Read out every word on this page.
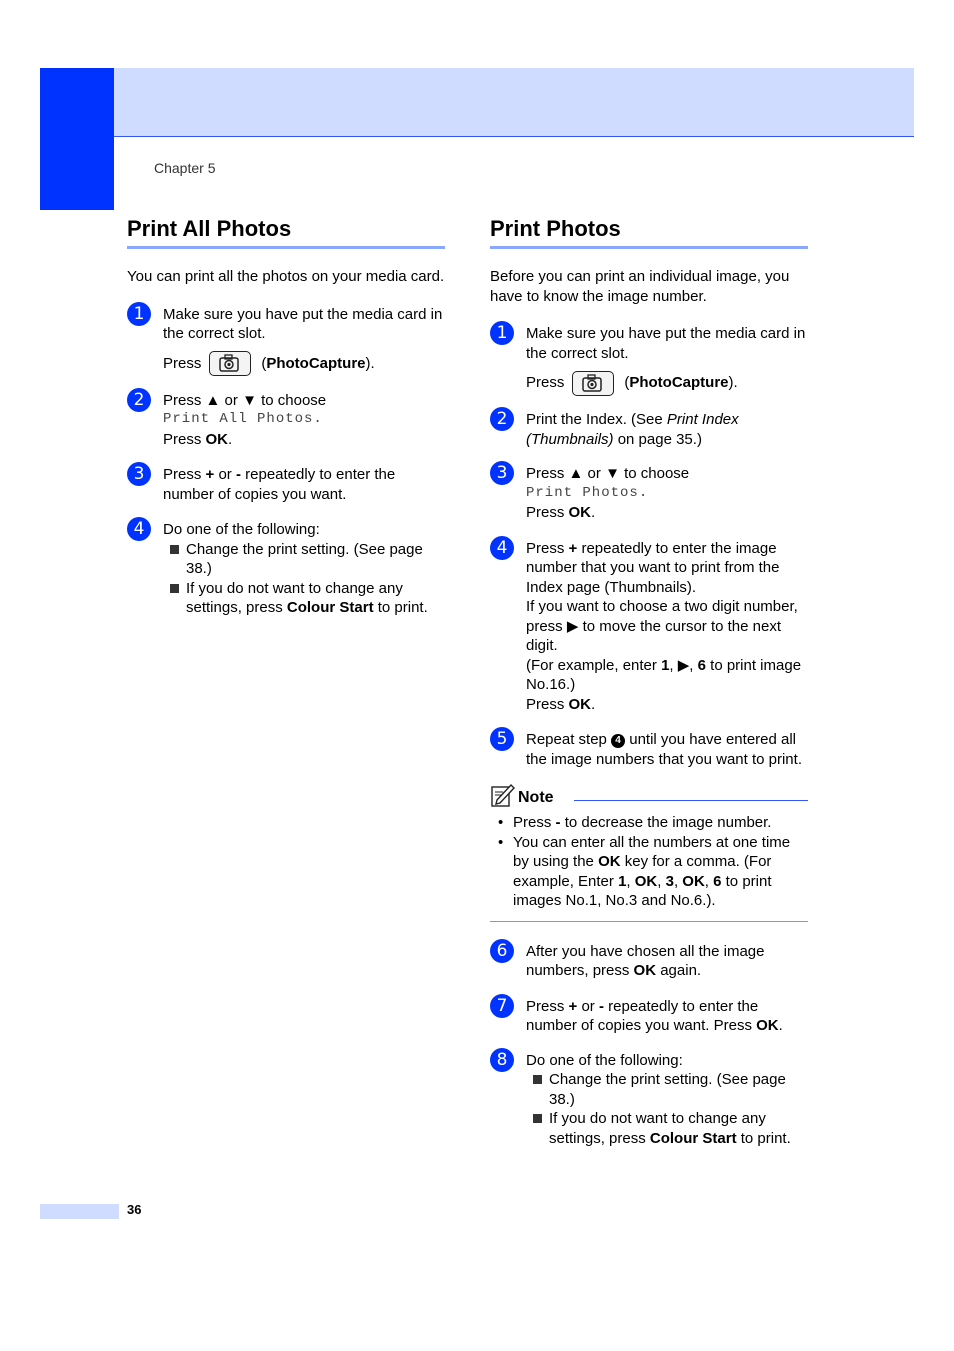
Chapter 5
Print All Photos

You can print all the photos on your media card.

1	Make sure you have put the media card in the correct slot.
Press	(PhotoCapture).
2	Press ▲ or ▼ to choose
Print All Photos.
Press OK.
3	Press + or - repeatedly to enter the number of copies you want.
4	Do one of the following:
Change the print setting. (See page 38.)
If you do not want to change any settings, press Colour Start to print.
Print Photos

Before you can print an individual image, you have to know the image number.

1	Make sure you have put the media card in the correct slot.
Press	(PhotoCapture).
2	Print the Index. (See Print Index (Thumbnails) on page 35.)
3	Press ▲ or ▼ to choose
Print Photos.
Press OK.
4	Press + repeatedly to enter the image number that you want to print from the Index page (Thumbnails).
If you want to choose a two digit number, press ▶ to move the cursor to the next digit.
(For example, enter 1, ▶, 6 to print image No.16.)
Press OK.
5	Repeat step 4 until you have entered all the image numbers that you want to print.
Note
• Press - to decrease the image number.
• You can enter all the numbers at one time by using the OK key for a comma. (For example, Enter 1, OK, 3, OK, 6 to print images No.1, No.3 and No.6.).
6	After you have chosen all the image numbers, press OK again.
7	Press + or - repeatedly to enter the number of copies you want. Press OK.
8	Do one of the following:
Change the print setting. (See page 38.)
If you do not want to change any settings, press Colour Start to print.
36
